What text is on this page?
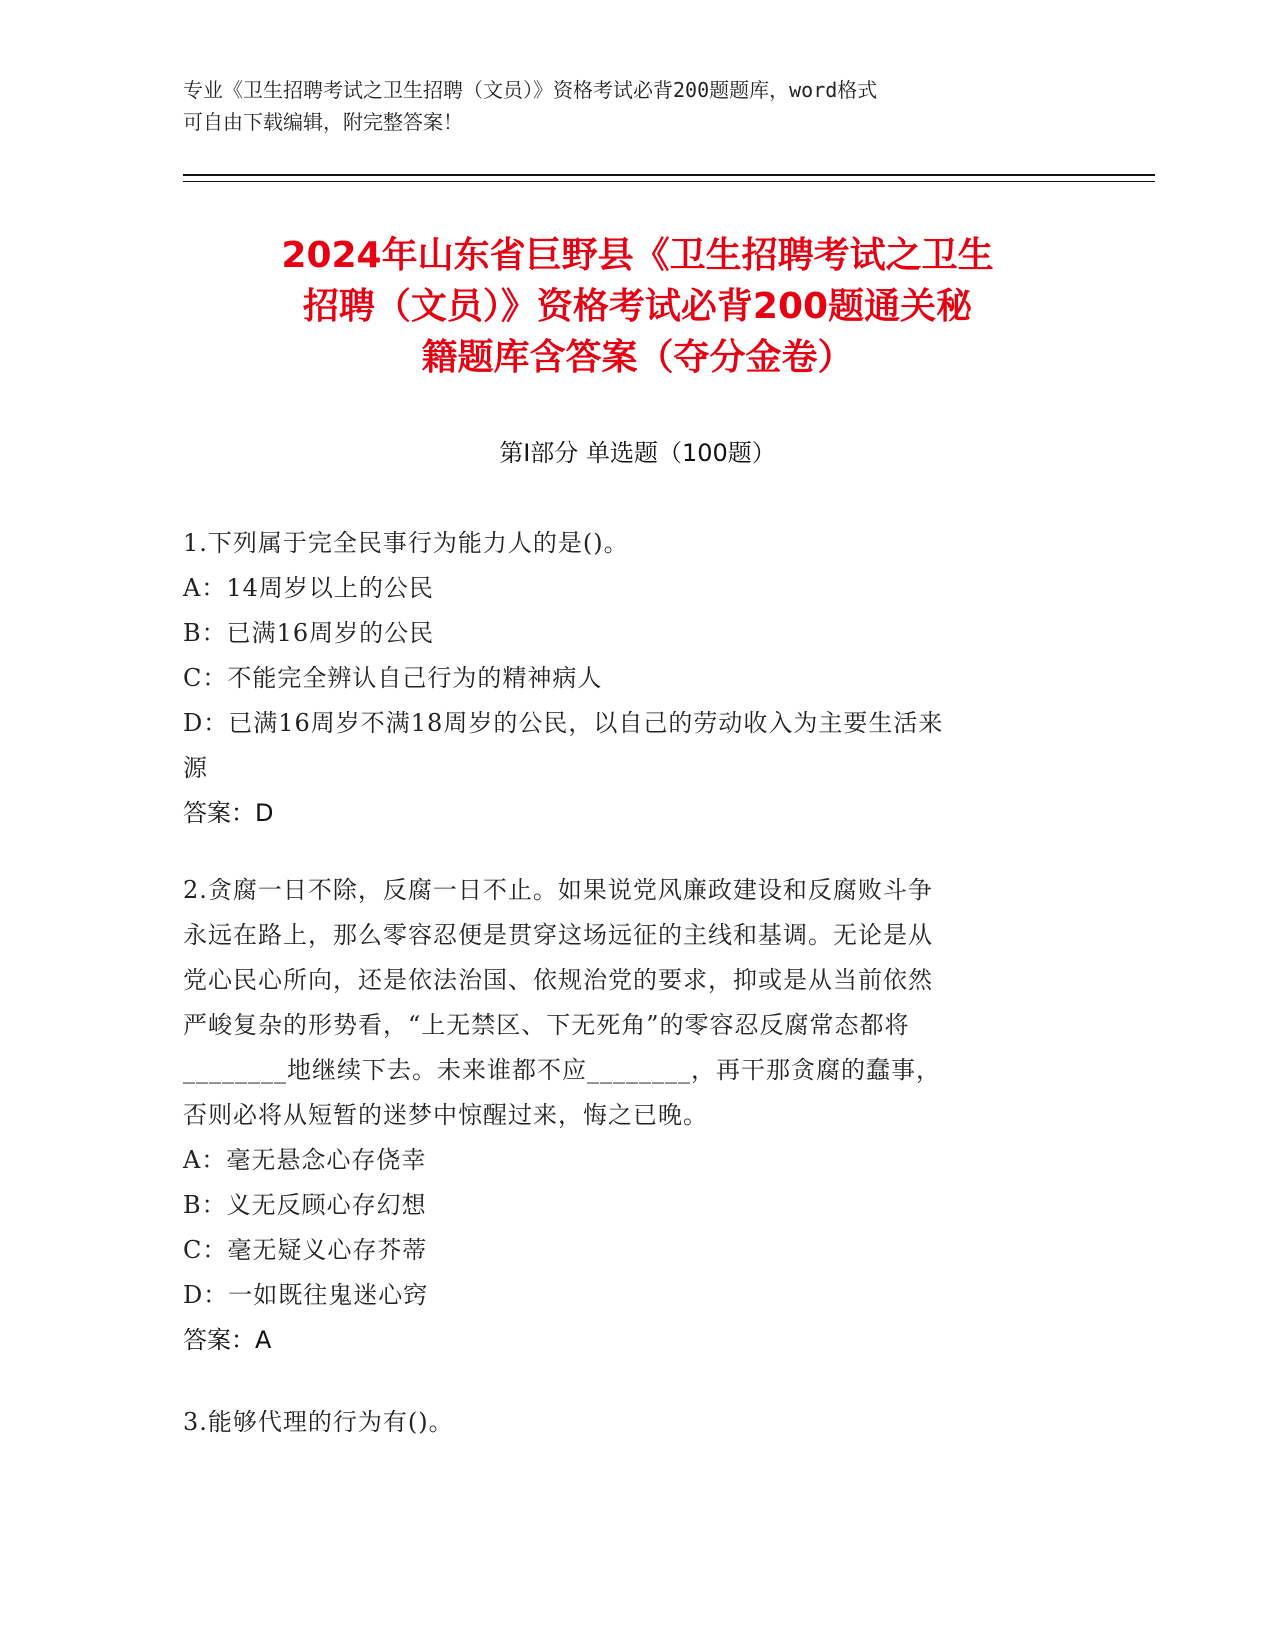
专业《卫生招聘考试之卫生招聘（文员）》资格考试必背200题题库，word格式
可自由下载编辑，附完整答案！
2024年山东省巨野县《卫生招聘考试之卫生
招聘（文员）》资格考试必背200题通关秘
籍题库含答案（夺分金卷）
第Ⅰ部分 单选题（100题）
1.下列属于完全民事行为能力人的是()。
A：14周岁以上的公民
B：已满16周岁的公民
C：不能完全辨认自己行为的精神病人
D：已满16周岁不满18周岁的公民，以自己的劳动收入为主要生活来
源
答案：D
2.贪腐一日不除，反腐一日不止。如果说党风廉政建设和反腐败斗争
永远在路上，那么零容忍便是贯穿这场远征的主线和基调。无论是从
党心民心所向，还是依法治国、依规治党的要求，抑或是从当前依然
严峻复杂的形势看，“上无禁区、下无死角”的零容忍反腐常态都将
________地继续下去。未来谁都不应________，再干那贪腐的蠢事，
否则必将从短暂的迷梦中惊醒过来，悔之已晚。
A：毫无悬念心存侥幸
B：义无反顾心存幻想
C：毫无疑义心存芥蒂
D：一如既往鬼迷心窍
答案：A
3.能够代理的行为有()。
